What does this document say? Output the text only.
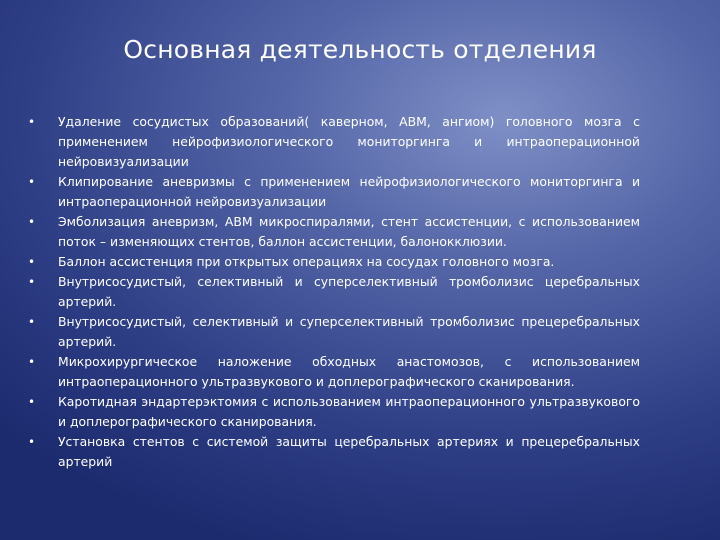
Основная деятельность отделения
• Удаление сосудистых образований( каверном, АВМ, ангиом) головного мозга с применением нейрофизиологического мониторгинга и интраоперационной нейровизуализации
• Клипирование аневризмы с применением нейрофизиологического мониторгинга и интраоперационной нейровизуализации
• Эмболизация аневризм, АВМ микроспиралями, стент ассистенции, с использованием поток – изменяющих стентов, баллон ассистенции, балонокклюзии.
• Баллон ассистенция при открытых операциях на сосудах головного мозга.
• Внутрисосудистый, селективный и суперселективный тромболизис церебральных артерий.
• Внутрисосудистый, селективный и суперселективный тромболизис прецеребральных артерий.
• Микрохирургическое наложение обходных анастомозов, с использованием интраоперационного ультразвукового и доплерографического сканирования.
• Каротидная эндартерэктомия с использованием интраоперационного ультразвукового и доплерографического сканирования.
• Установка стентов с системой защиты церебральных артериях и прецеребральных артерий
